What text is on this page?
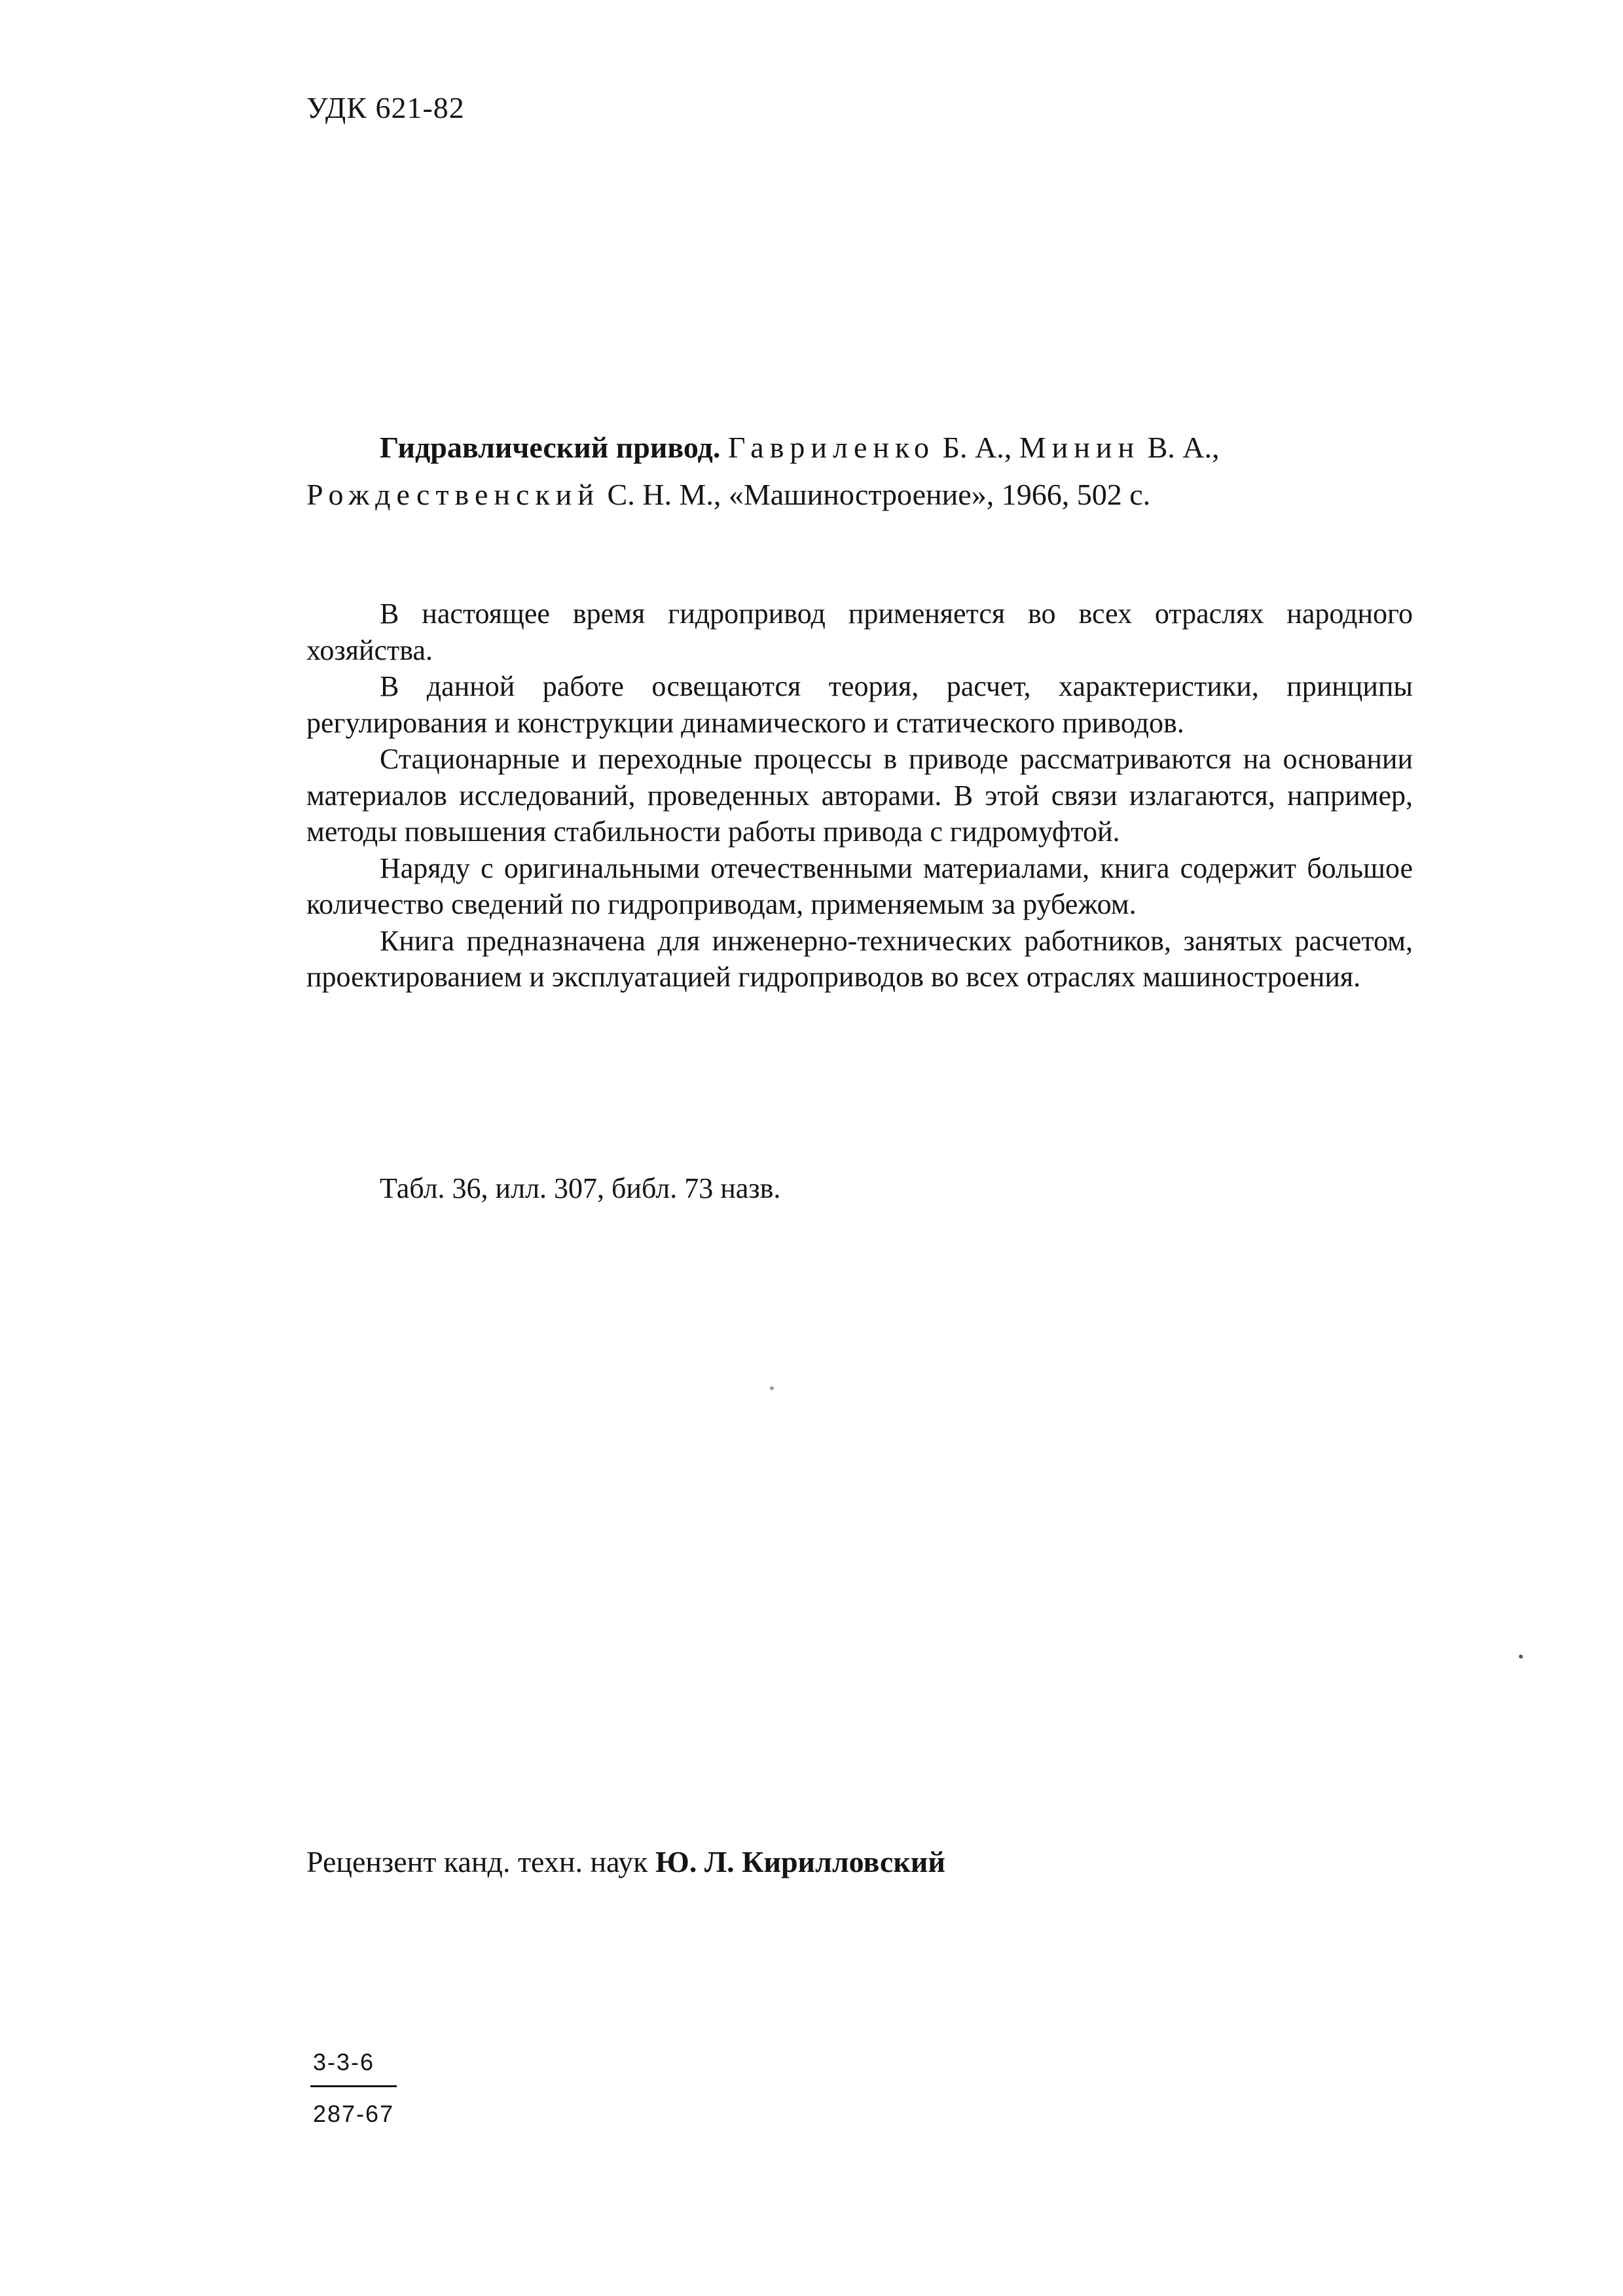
УДК 621-82
Гидравлический привод. Гавриленко Б. А., Минин В. А.,
Рождественский С. Н. М., «Машиностроение», 1966, 502 с.

В настоящее время гидропривод применяется во всех отраслях народного хозяйства.

В данной работе освещаются теория, расчет, характеристики, принципы регулирования и конструкции динамического и статического приводов.

Стационарные и переходные процессы в приводе рассматриваются на основании материалов исследований, проведенных авторами. В этой связи излагаются, например, методы повышения стабильности работы привода с гидромуфтой.

Наряду с оригинальными отечественными материалами, книга содержит большое количество сведений по гидроприводам, применяемым за рубежом.

Книга предназначена для инженерно-технических работников, занятых расчетом, проектированием и эксплуатацией гидроприводов во всех отраслях машиностроения.

Табл. 36, илл. 307, библ. 73 назв.
Рецензент канд. техн. наук Ю. Л. Кирилловский
3-3-6
287-67
